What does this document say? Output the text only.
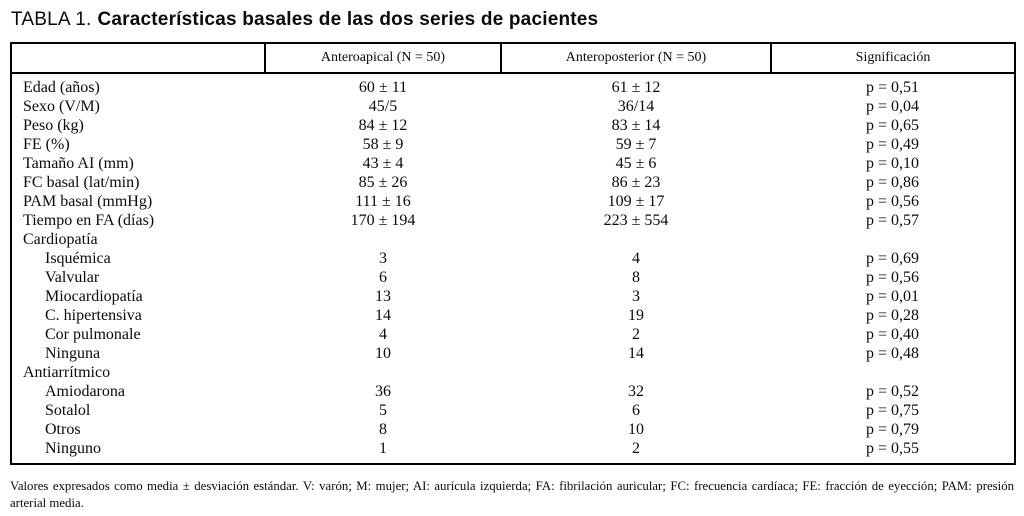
TABLA 1. Características basales de las dos series de pacientes
	Anteroapical (N = 50)	Anteroposterior (N = 50)	Significación
Edad (años)	60 ± 11	61 ± 12	p = 0,51
Sexo (V/M)	45/5	36/14	p = 0,04
Peso (kg)	84 ± 12	83 ± 14	p = 0,65
FE (%)	58 ± 9	59 ± 7	p = 0,49
Tamaño AI (mm)	43 ± 4	45 ± 6	p = 0,10
FC basal (lat/min)	85 ± 26	86 ± 23	p = 0,86
PAM basal (mmHg)	111 ± 16	109 ± 17	p = 0,56
Tiempo en FA (días)	170 ± 194	223 ± 554	p = 0,57
Cardiopatía			
Isquémica	3	4	p = 0,69
Valvular	6	8	p = 0,56
Miocardiopatía	13	3	p = 0,01
C. hipertensiva	14	19	p = 0,28
Cor pulmonale	4	2	p = 0,40
Ninguna	10	14	p = 0,48
Antiarrítmico			
Amiodarona	36	32	p = 0,52
Sotalol	5	6	p = 0,75
Otros	8	10	p = 0,79
Ninguno	1	2	p = 0,55
Valores expresados como media ± desviación estándar. V: varón; M: mujer; AI: aurícula izquierda; FA: fibrilación auricular; FC: frecuencia cardíaca; FE: fracción de eyección; PAM: presión arterial media.
